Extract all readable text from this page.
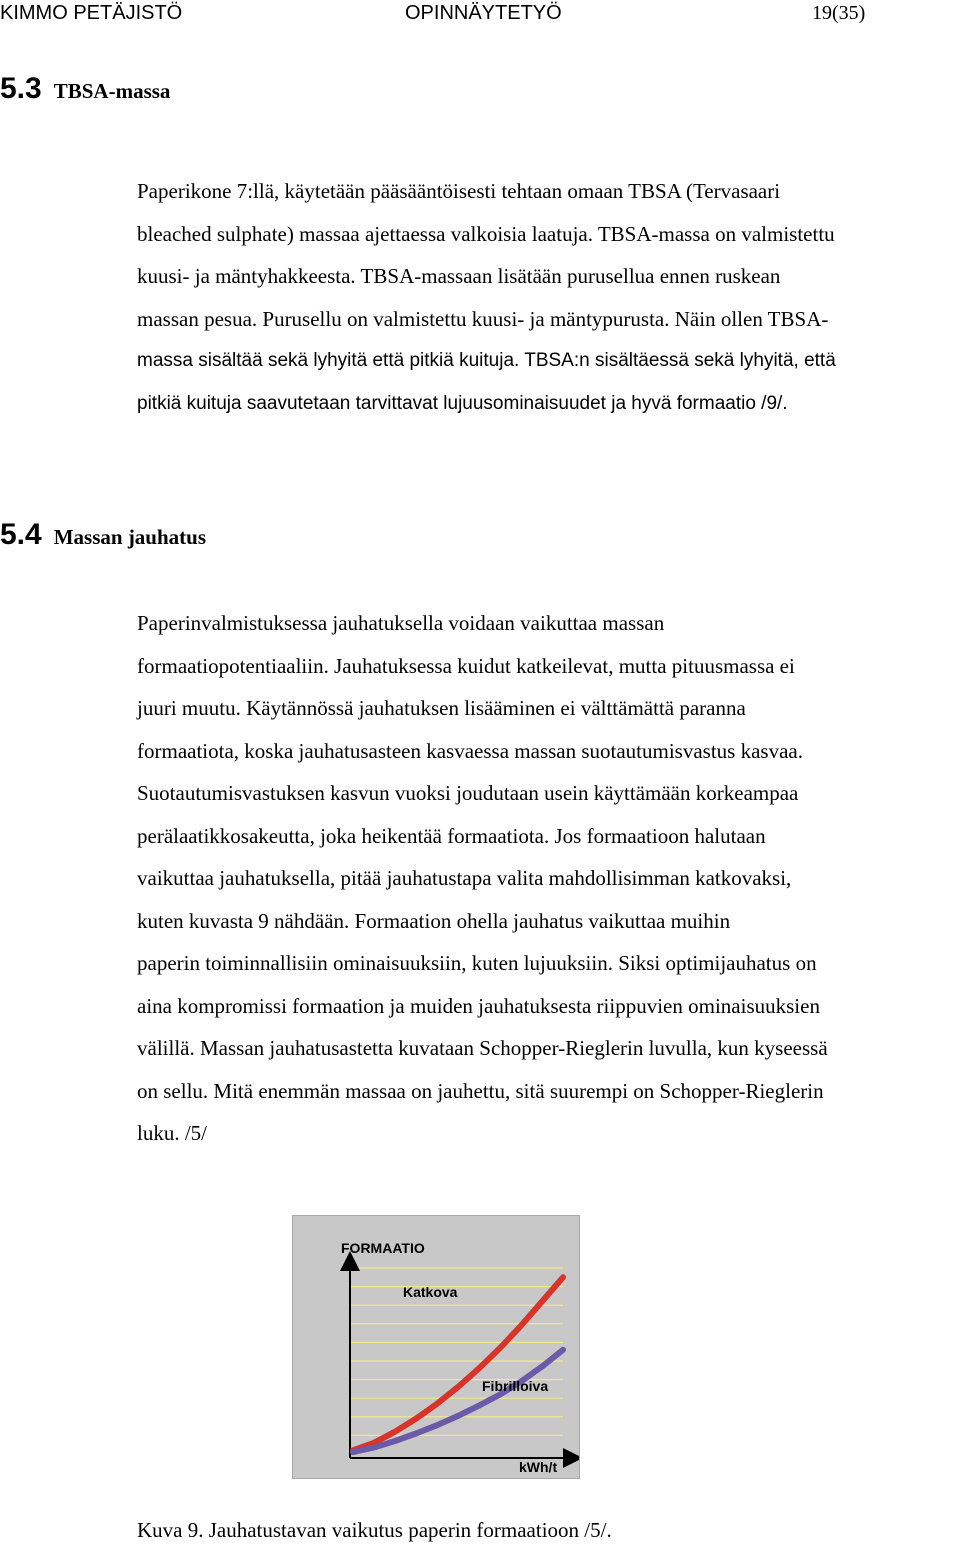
KIMMO PETÄJISTÖ	OPINNÄYTETYÖ	19(35)
5.3 TBSA-massa
Paperikone 7:llä, käytetään pääsääntöisesti tehtaan omaan TBSA (Tervasaari
bleached sulphate) massaa ajettaessa valkoisia laatuja. TBSA-massa on valmistettu
kuusi- ja mäntyhakkeesta. TBSA-massaan lisätään purusellua ennen ruskean
massan pesua. Purusellu on valmistettu kuusi- ja mäntypurusta. Näin ollen TBSA-
massa sisältää sekä lyhyitä että pitkiä kuituja. TBSA:n sisältäessä sekä lyhyitä, että
pitkiä kuituja saavutetaan tarvittavat lujuusominaisuudet ja hyvä formaatio /9/.
5.4 Massan jauhatus
Paperinvalmistuksessa jauhatuksella voidaan vaikuttaa massan
formaatiopotentiaaliin. Jauhatuksessa kuidut katkeilevat, mutta pituusmassa ei
juuri muutu. Käytännössä jauhatuksen lisääminen ei välttämättä paranna
formaatiota, koska jauhatusasteen kasvaessa massan suotautumisvastus kasvaa.
Suotautumisvastuksen kasvun vuoksi joudutaan usein käyttämään korkeampaa
perälaatikkosakeutta, joka heikentää formaatiota. Jos formaatioon halutaan
vaikuttaa jauhatuksella, pitää jauhatustapa valita mahdollisimman katkovaksi,
kuten kuvasta 9 nähdään. Formaation ohella jauhatus vaikuttaa muihin
paperin toiminnallisiin ominaisuuksiin, kuten lujuuksiin. Siksi optimijauhatus on
aina kompromissi formaation ja muiden jauhatuksesta riippuvien ominaisuuksien
välillä. Massan jauhatusastetta kuvataan Schopper-Rieglerin luvulla, kun kyseessä
on sellu. Mitä enemmän massaa on jauhettu, sitä suurempi on Schopper-Rieglerin
luku. /5/
FORMAATIO
kWh/t
Katkova
Fibrilloiva
Kuva 9. Jauhatustavan vaikutus paperin formaatioon /5/.
